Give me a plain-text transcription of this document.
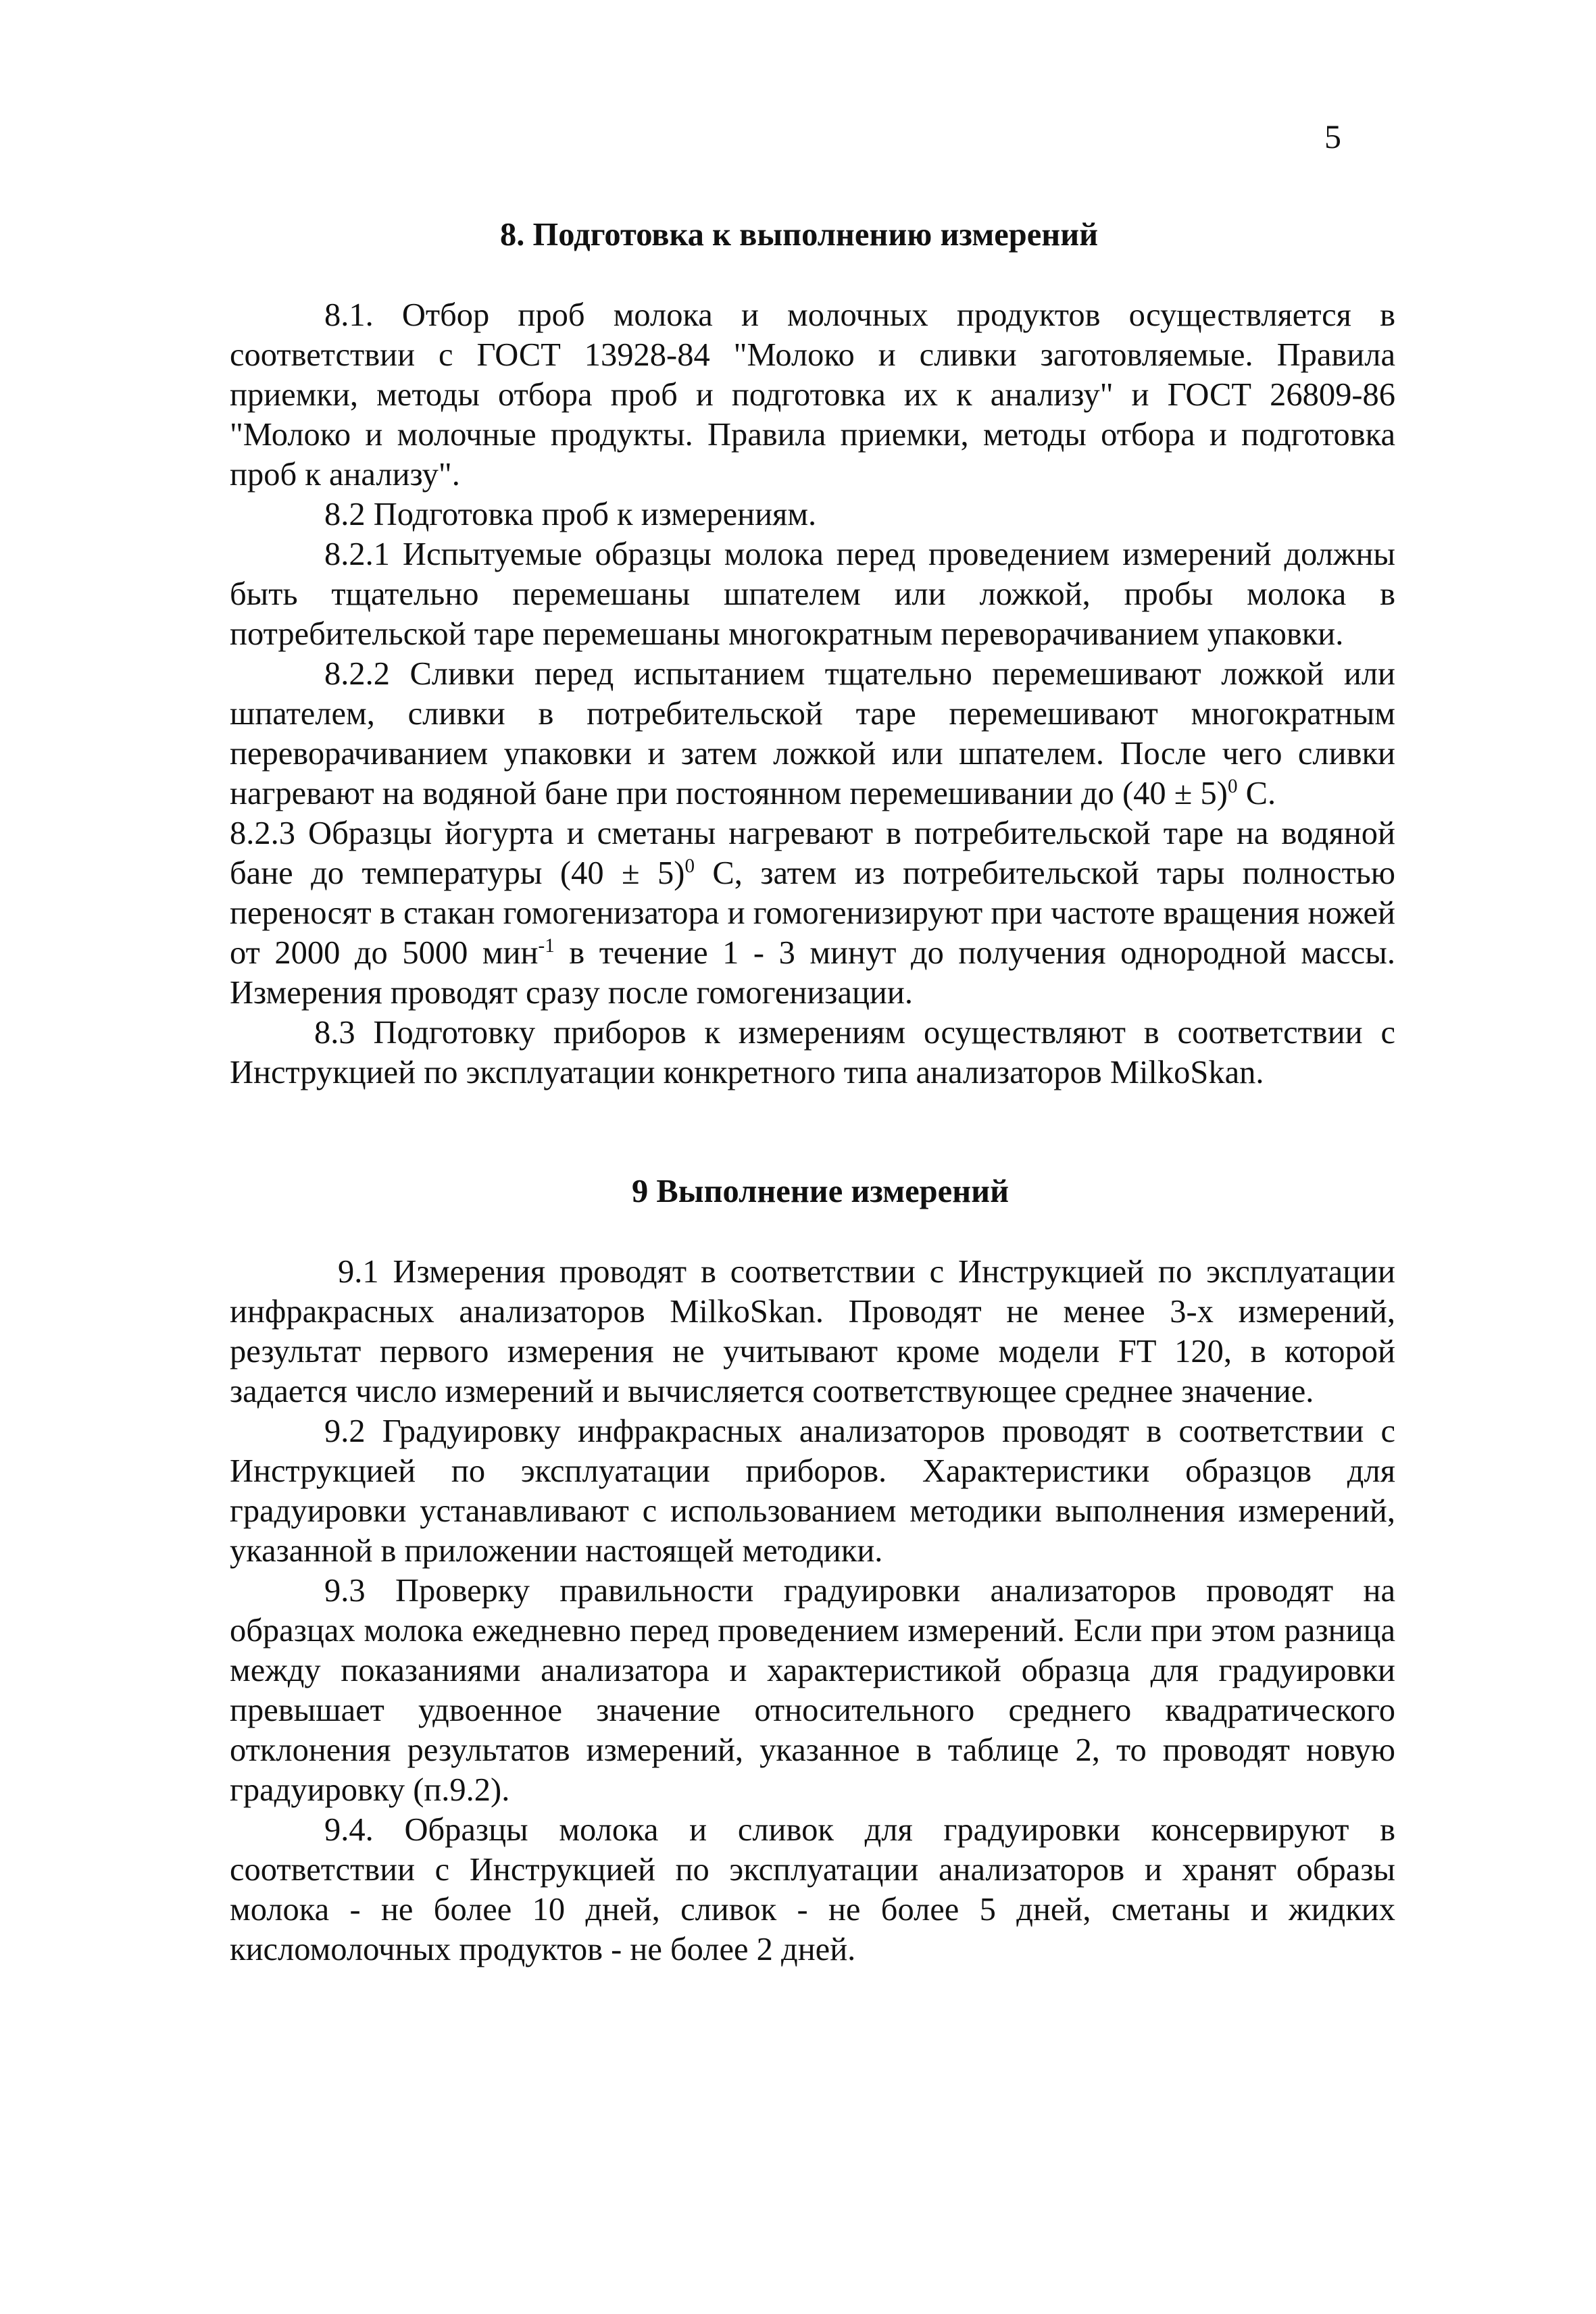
5
8. Подготовка к выполнению измерений
8.1. Отбор проб молока и молочных продуктов осуществляется в соответствии с ГОСТ 13928-84 "Молоко и сливки заготовляемые. Правила приемки, методы отбора проб и подготовка их к анализу" и ГОСТ 26809-86 "Молоко и молочные продукты. Правила приемки, методы отбора и подготовка проб к анализу".
8.2 Подготовка проб к измерениям.
8.2.1 Испытуемые образцы молока перед проведением измерений должны быть тщательно перемешаны шпателем или ложкой, пробы молока в потребительской таре перемешаны многократным переворачиванием упаковки.
8.2.2 Сливки перед испытанием тщательно перемешивают ложкой или шпателем, сливки в потребительской таре перемешивают многократным переворачиванием упаковки и затем ложкой или шпателем. После чего сливки нагревают на водяной бане при постоянном перемешивании до $(40 \pm 5)^0$ С.
8.2.3 Образцы йогурта и сметаны нагревают в потребительской таре на водяной бане до температуры $(40 \pm 5)^0$ С, затем из потребительской тары полностью переносят в стакан гомогенизатора и гомогенизируют при частоте вращения ножей от 2000 до 5000 мин$^{-1}$ в течение 1 - 3 минут до получения однородной массы. Измерения проводят сразу после гомогенизации.
8.3 Подготовку приборов к измерениям осуществляют в соответствии с Инструкцией по эксплуатации конкретного типа анализаторов MilkoSkan.
9 Выполнение измерений
9.1 Измерения проводят в соответствии с Инструкцией по эксплуатации инфракрасных анализаторов MilkoSkan. Проводят не менее 3-х измерений, результат первого измерения не учитывают кроме модели FT 120, в которой задается число измерений и вычисляется соответствующее среднее значение.
9.2 Градуировку инфракрасных анализаторов проводят в соответствии с Инструкцией по эксплуатации приборов. Характеристики образцов для градуировки устанавливают с использованием методики выполнения измерений, указанной в приложении настоящей методики.
9.3 Проверку правильности градуировки анализаторов проводят на образцах молока ежедневно перед проведением измерений. Если при этом разница между показаниями анализатора и характеристикой образца для градуировки превышает удвоенное значение относительного среднего квадратического отклонения результатов измерений, указанное в таблице 2, то проводят новую градуировку (п.9.2).
9.4. Образцы молока и сливок для градуировки консервируют в соответствии с Инструкцией по эксплуатации анализаторов и хранят образы молока - не более 10 дней, сливок - не более 5 дней, сметаны и жидких кисломолочных продуктов - не более 2 дней.
